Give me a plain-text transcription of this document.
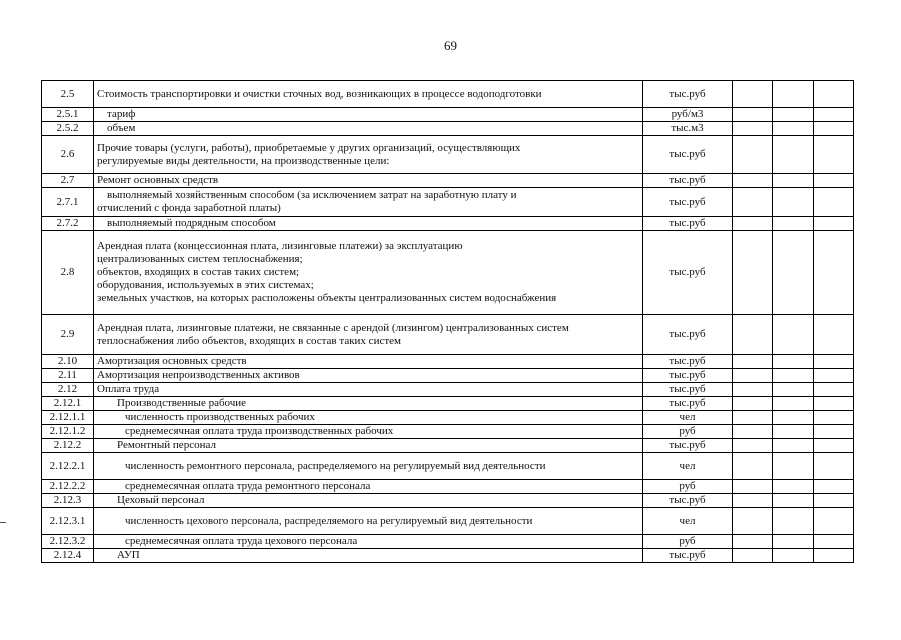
69
2.5	Стоимость транспортировки и очистки сточных вод, возникающих в процессе водоподготовки	тыс.руб			
2.5.1	тариф	руб/м3			
2.5.2	объем	тыс.м3			
2.6	Прочие товары (услуги, работы), приобретаемые у других организаций, осуществляющих
регулируемые виды деятельности, на производственные цели:	тыс.руб			
2.7	Ремонт основных средств	тыс.руб			
2.7.1	выполняемый хозяйственным способом (за исключением затрат на заработную плату и
отчислений с фонда заработной платы)	тыс.руб			
2.7.2	выполняемый подрядным способом	тыс.руб			
2.8	Арендная плата (концессионная плата, лизинговые платежи) за эксплуатацию
централизованных систем теплоснабжения;
объектов, входящих в состав таких систем;
оборудования, используемых в этих системах;
земельных участков, на которых расположены объекты централизованных систем водоснабжения	тыс.руб			
2.9	Арендная плата, лизинговые платежи, не связанные с арендой (лизингом) централизованных систем
теплоснабжения либо объектов, входящих в состав таких систем	тыс.руб			
2.10	Амортизация основных средств	тыс.руб			
2.11	Амортизация непроизводственных активов	тыс.руб			
2.12	Оплата труда	тыс.руб			
2.12.1	Производственные рабочие	тыс.руб			
2.12.1.1	численность производственных рабочих	чел			
2.12.1.2	среднемесячная оплата труда производственных рабочих	руб			
2.12.2	Ремонтный персонал	тыс.руб			
2.12.2.1	численность ремонтного персонала, распределяемого на регулируемый вид деятельности	чел			
2.12.2.2	среднемесячная оплата труда ремонтного персонала	руб			
2.12.3	Цеховый персонал	тыс.руб			
2.12.3.1	численность цехового персонала, распределяемого на регулируемый вид деятельности	чел			
2.12.3.2	среднемесячная оплата труда цехового персонала	руб			
2.12.4	АУП	тыс.руб			
